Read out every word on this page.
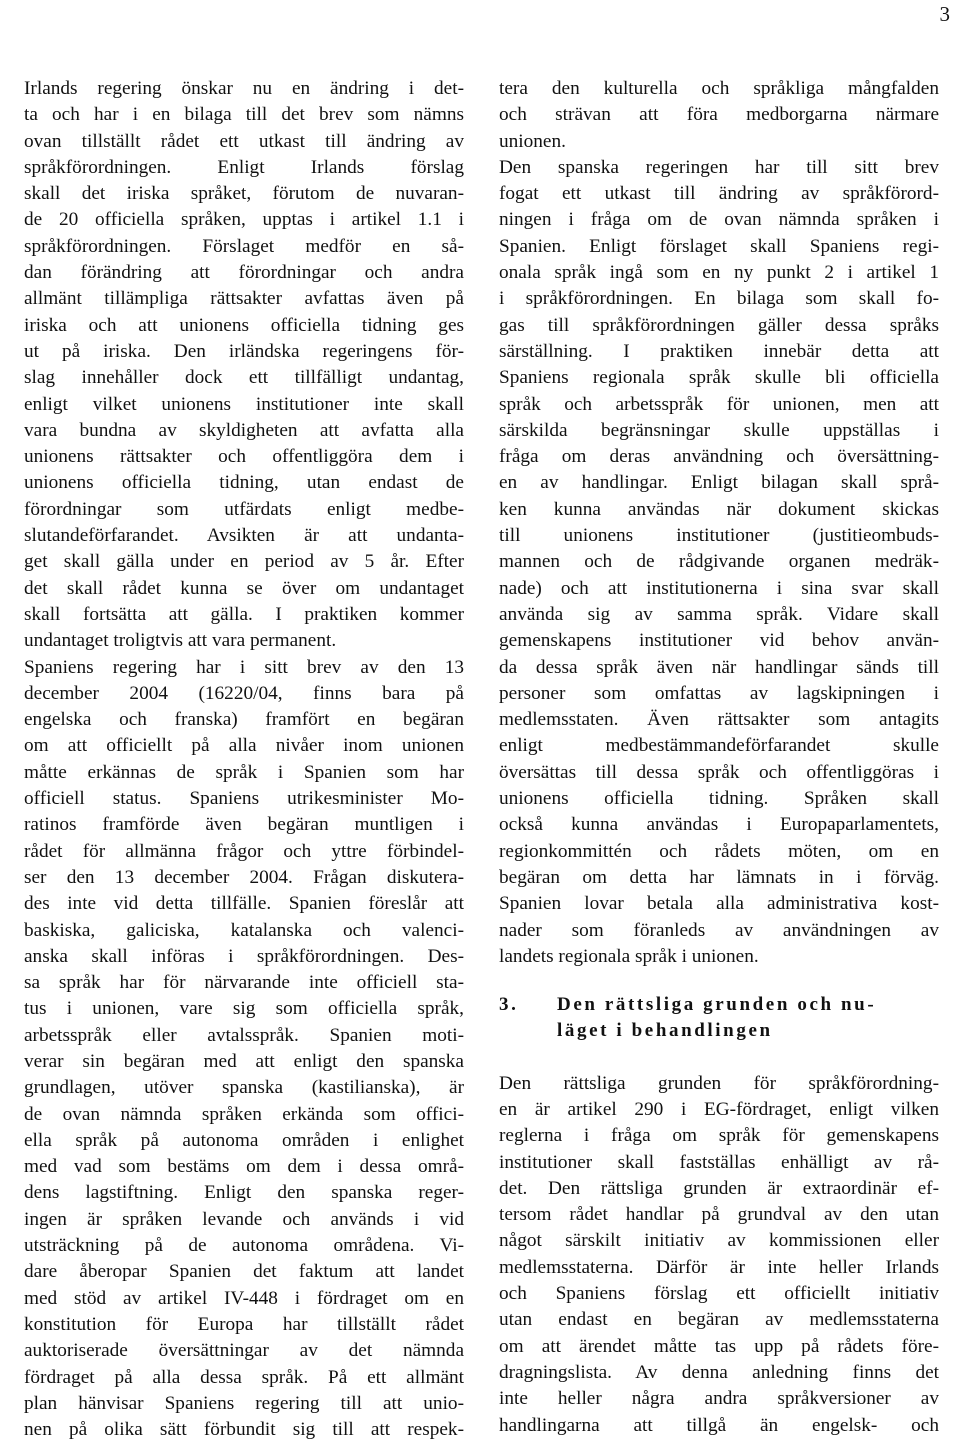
3
Irlands regering önskar nu en ändring i det-
ta och har i en bilaga till det brev som nämns
ovan tillställt rådet ett utkast till ändring av
språkförordningen. Enligt Irlands förslag
skall det iriska språket, förutom de nuvaran-
de 20 officiella språken, upptas i artikel 1.1 i
språkförordningen. Förslaget medför en så-
dan förändring att förordningar och andra
allmänt tillämpliga rättsakter avfattas även på
iriska och att unionens officiella tidning ges
ut på iriska. Den irländska regeringens för-
slag innehåller dock ett tillfälligt undantag,
enligt vilket unionens institutioner inte skall
vara bundna av skyldigheten att avfatta alla
unionens rättsakter och offentliggöra dem i
unionens officiella tidning, utan endast de
förordningar som utfärdats enligt medbe-
slutandeförfarandet. Avsikten är att undanta-
get skall gälla under en period av 5 år. Efter
det skall rådet kunna se över om undantaget
skall fortsätta att gälla. I praktiken kommer
undantaget troligtvis att vara permanent.
Spaniens regering har i sitt brev av den 13
december 2004 (16220/04, finns bara på
engelska och franska) framfört en begäran
om att officiellt på alla nivåer inom unionen
måtte erkännas de språk i Spanien som har
officiell status. Spaniens utrikesminister Mo-
ratinos framförde även begäran muntligen i
rådet för allmänna frågor och yttre förbindel-
ser den 13 december 2004. Frågan diskutera-
des inte vid detta tillfälle. Spanien föreslår att
baskiska, galiciska, katalanska och valenci-
anska skall införas i språkförordningen. Des-
sa språk har för närvarande inte officiell sta-
tus i unionen, vare sig som officiella språk,
arbetsspråk eller avtalsspråk. Spanien moti-
verar sin begäran med att enligt den spanska
grundlagen, utöver spanska (kastilianska), är
de ovan nämnda språken erkända som offici-
ella språk på autonoma områden i enlighet
med vad som bestäms om dem i dessa områ-
dens lagstiftning. Enligt den spanska reger-
ingen är språken levande och används i vid
utsträckning på de autonoma områdena. Vi-
dare åberopar Spanien det faktum att landet
med stöd av artikel IV-448 i fördraget om en
konstitution för Europa har tillställt rådet
auktoriserade översättningar av det nämnda
fördraget på alla dessa språk. På ett allmänt
plan hänvisar Spaniens regering till att unio-
nen på olika sätt förbundit sig till att respek-
tera den kulturella och språkliga mångfalden
och strävan att föra medborgarna närmare
unionen.
Den spanska regeringen har till sitt brev
fogat ett utkast till ändring av språkförord-
ningen i fråga om de ovan nämnda språken i
Spanien. Enligt förslaget skall Spaniens regi-
onala språk ingå som en ny punkt 2 i artikel 1
i språkförordningen. En bilaga som skall fo-
gas till språkförordningen gäller dessa språks
särställning. I praktiken innebär detta att
Spaniens regionala språk skulle bli officiella
språk och arbetsspråk för unionen, men att
särskilda begränsningar skulle uppställas i
fråga om deras användning och översättning-
en av handlingar. Enligt bilagan skall språ-
ken kunna användas när dokument skickas
till unionens institutioner (justitieombuds-
mannen och de rådgivande organen medräk-
nade) och att institutionerna i sina svar skall
använda sig av samma språk. Vidare skall
gemenskapens institutioner vid behov använ-
da dessa språk även när handlingar sänds till
personer som omfattas av lagskipningen i
medlemsstaten. Även rättsakter som antagits
enligt medbestämmandeförfarandet skulle
översättas till dessa språk och offentliggöras i
unionens officiella tidning. Språken skall
också kunna användas i Europaparlamentets,
regionkommittén och rådets möten, om en
begäran om detta har lämnats in i förväg.
Spanien lovar betala alla administrativa kost-
nader som föranleds av användningen av
landets regionala språk i unionen.
3.	Den rättsliga grunden och nu-
läget i behandlingen
Den rättsliga grunden för språkförordning-
en är artikel 290 i EG-fördraget, enligt vilken
reglerna i fråga om språk för gemenskapens
institutioner skall fastställas enhälligt av rå-
det. Den rättsliga grunden är extraordinär ef-
tersom rådet handlar på grundval av den utan
något särskilt initiativ av kommissionen eller
medlemsstaterna. Därför är inte heller Irlands
och Spaniens förslag ett officiellt initiativ
utan endast en begäran av medlemsstaterna
om att ärendet måtte tas upp på rådets före-
dragningslista. Av denna anledning finns det
inte heller några andra språkversioner av
handlingarna att tillgå än engelsk- och
